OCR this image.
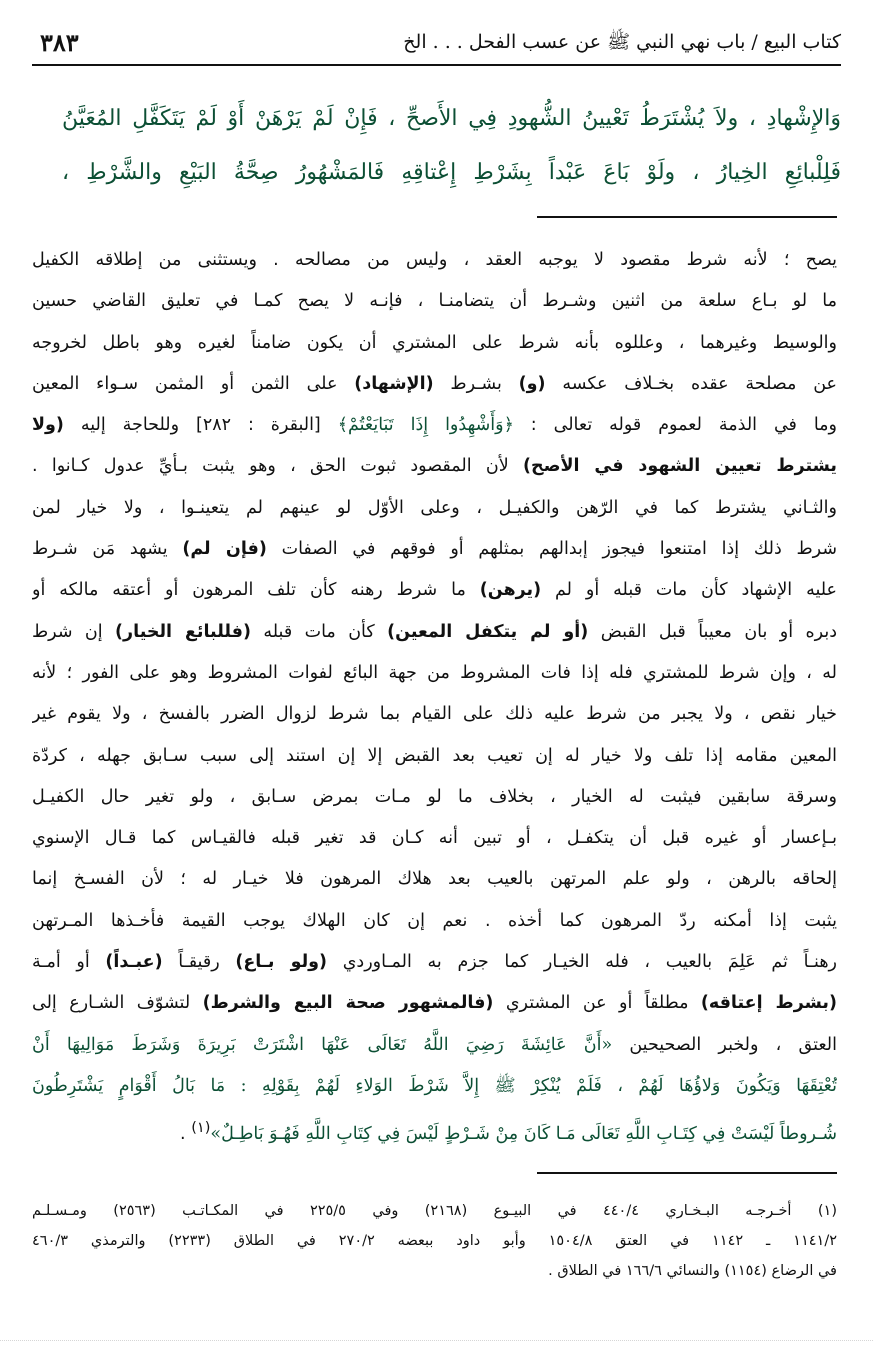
كتاب البيع / باب نهي النبي ﷺ عن عسب الفحل . . . الخ
٣٨٣
وَالإِشْهادِ ، ولاَ يُشْتَرَطُ تَعْيينُ الشُّهودِ فِي الأَصحِّ ، فَإِنْ لَمْ يَرْهَنْ أَوْ لَمْ يَتَكَفَّلِ المُعَيَّنُ
فَلِلْبائِعِ الخِيارُ ، ولَوْ بَاعَ عَبْداً بِشَرْطِ إِعْتاقِهِ فَالمَشْهُورُ صِحَّةُ البَيْعِ والشَّرْطِ ،
يصح ؛ لأنه شرط مقصود لا يوجبه العقد ، وليس من مصالحه . ويستثنى من إطلاقه الكفيل
ما لو بـاع سلعة من اثنين وشـرط أن يتضامنـا ، فإنـه لا يصح كمـا في تعليق القاضي حسين
والوسيط وغيرهما ، وعللوه بأنه شرط على المشتري أن يكون ضامناً لغيره وهو باطل لخروجه
عن مصلحة عقده بخـلاف عكسه (و) بشـرط (الإشهاد) على الثمن أو المثمن سـواء المعين
وما في الذمة لعموم قوله تعالى : ﴿وَأَشْهِدُوا إِذَا تَبَايَعْتُمْ﴾ [البقرة : ٢٨٢] وللحاجة إليه (ولا
يشترط تعيين الشهود في الأصح) لأن المقصود ثبوت الحق ، وهو يثبت بـأيِّ عدول كـانوا .
والثـاني يشترط كما في الرّهن والكفيـل ، وعلى الأوّل لو عينهم لم يتعينـوا ، ولا خيار لمن
شرط ذلك إذا امتنعوا فيجوز إبدالهم بمثلهم أو فوقهم في الصفات (فإن لم) يشهد مَن شـرط
عليه الإشهاد كأن مات قبله أو لم (يرهن) ما شرط رهنه كأن تلف المرهون أو أعتقه مالكه أو
دبره أو بان معيباً قبل القبض (أو لم يتكفل المعين) كأن مات قبله (فللبائع الخيار) إن شرط
له ، وإن شرط للمشتري فله إذا فات المشروط من جهة البائع لفوات المشروط وهو على الفور ؛ لأنه
خيار نقص ، ولا يجبر من شرط عليه ذلك على القيام بما شرط لزوال الضرر بالفسخ ، ولا يقوم غير
المعين مقامه إذا تلف ولا خيار له إن تعيب بعد القبض إلا إن استند إلى سبب سـابق جهله ، كردّة
وسرقة سابقين فيثبت له الخيار ، بخلاف ما لو مـات بمرض سـابق ، ولو تغير حال الكفيـل
بـإعسار أو غيره قبل أن يتكفـل ، أو تبين أنه كـان قد تغير قبله فالقيـاس كما قـال الإسنوي
إلحاقه بالرهن ، ولو علم المرتهن بالعيب بعد هلاك المرهون فلا خيـار له ؛ لأن الفسـخ إنما
يثبت إذا أمكنه ردّ المرهون كما أخذه . نعم إن كان الهلاك يوجب القيمة فأخـذها المـرتهن
رهنـاً ثم عَلِمَ بالعيب ، فله الخيـار كما جزم به المـاوردي (ولو بـاع) رقيقـاً (عبـداً) أو أمـة
(بشرط إعتاقه) مطلقاً أو عن المشتري (فالمشهور صحة البيع والشرط) لتشوّف الشـارع إلى
العتق ، ولخبر الصحيحين «أَنَّ عَائِشَةَ رَضِيَ اللَّهُ تَعَالَى عَنْهَا اشْتَرَتْ بَرِيرَةَ وَشَرَطَ مَوَالِيهَا أَنْ
تُعْتِقَهَا وَيَكُونَ وَلاؤُهَا لَهُمْ ، فَلَمْ يُنْكِرْ ﷺ إِلاَّ شَرْطَ الوَلاءِ لَهُمْ بِقَوْلِهِ : مَا بَالُ أَقْوَامٍ يَشْتَرِطُونَ
شُـروطاً لَيْسَتْ فِي كِتَـابِ اللَّهِ تَعَالَى مَـا كَانَ مِنْ شَـرْطٍ لَيْسَ فِي كِتَابِ اللَّهِ فَهُـوَ بَاطِـلٌ»$^{(١)}$ .
(١) أخـرجـه البـخـاري ٤٤٠/٤ في البيـوع (٢١٦٨) وفي ٢٢٥/٥ في المكـاتـب (٢٥٦٣) ومـسـلـم
١١٤١/٢ ـ ١١٤٢ في العتق ١٥٠٤/٨ وأبو داود ببعضه ٢٧٠/٢ في الطلاق (٢٢٣٣) والترمذي ٤٦٠/٣
في الرضاع (١١٥٤) والنسائي ١٦٦/٦ في الطلاق .
